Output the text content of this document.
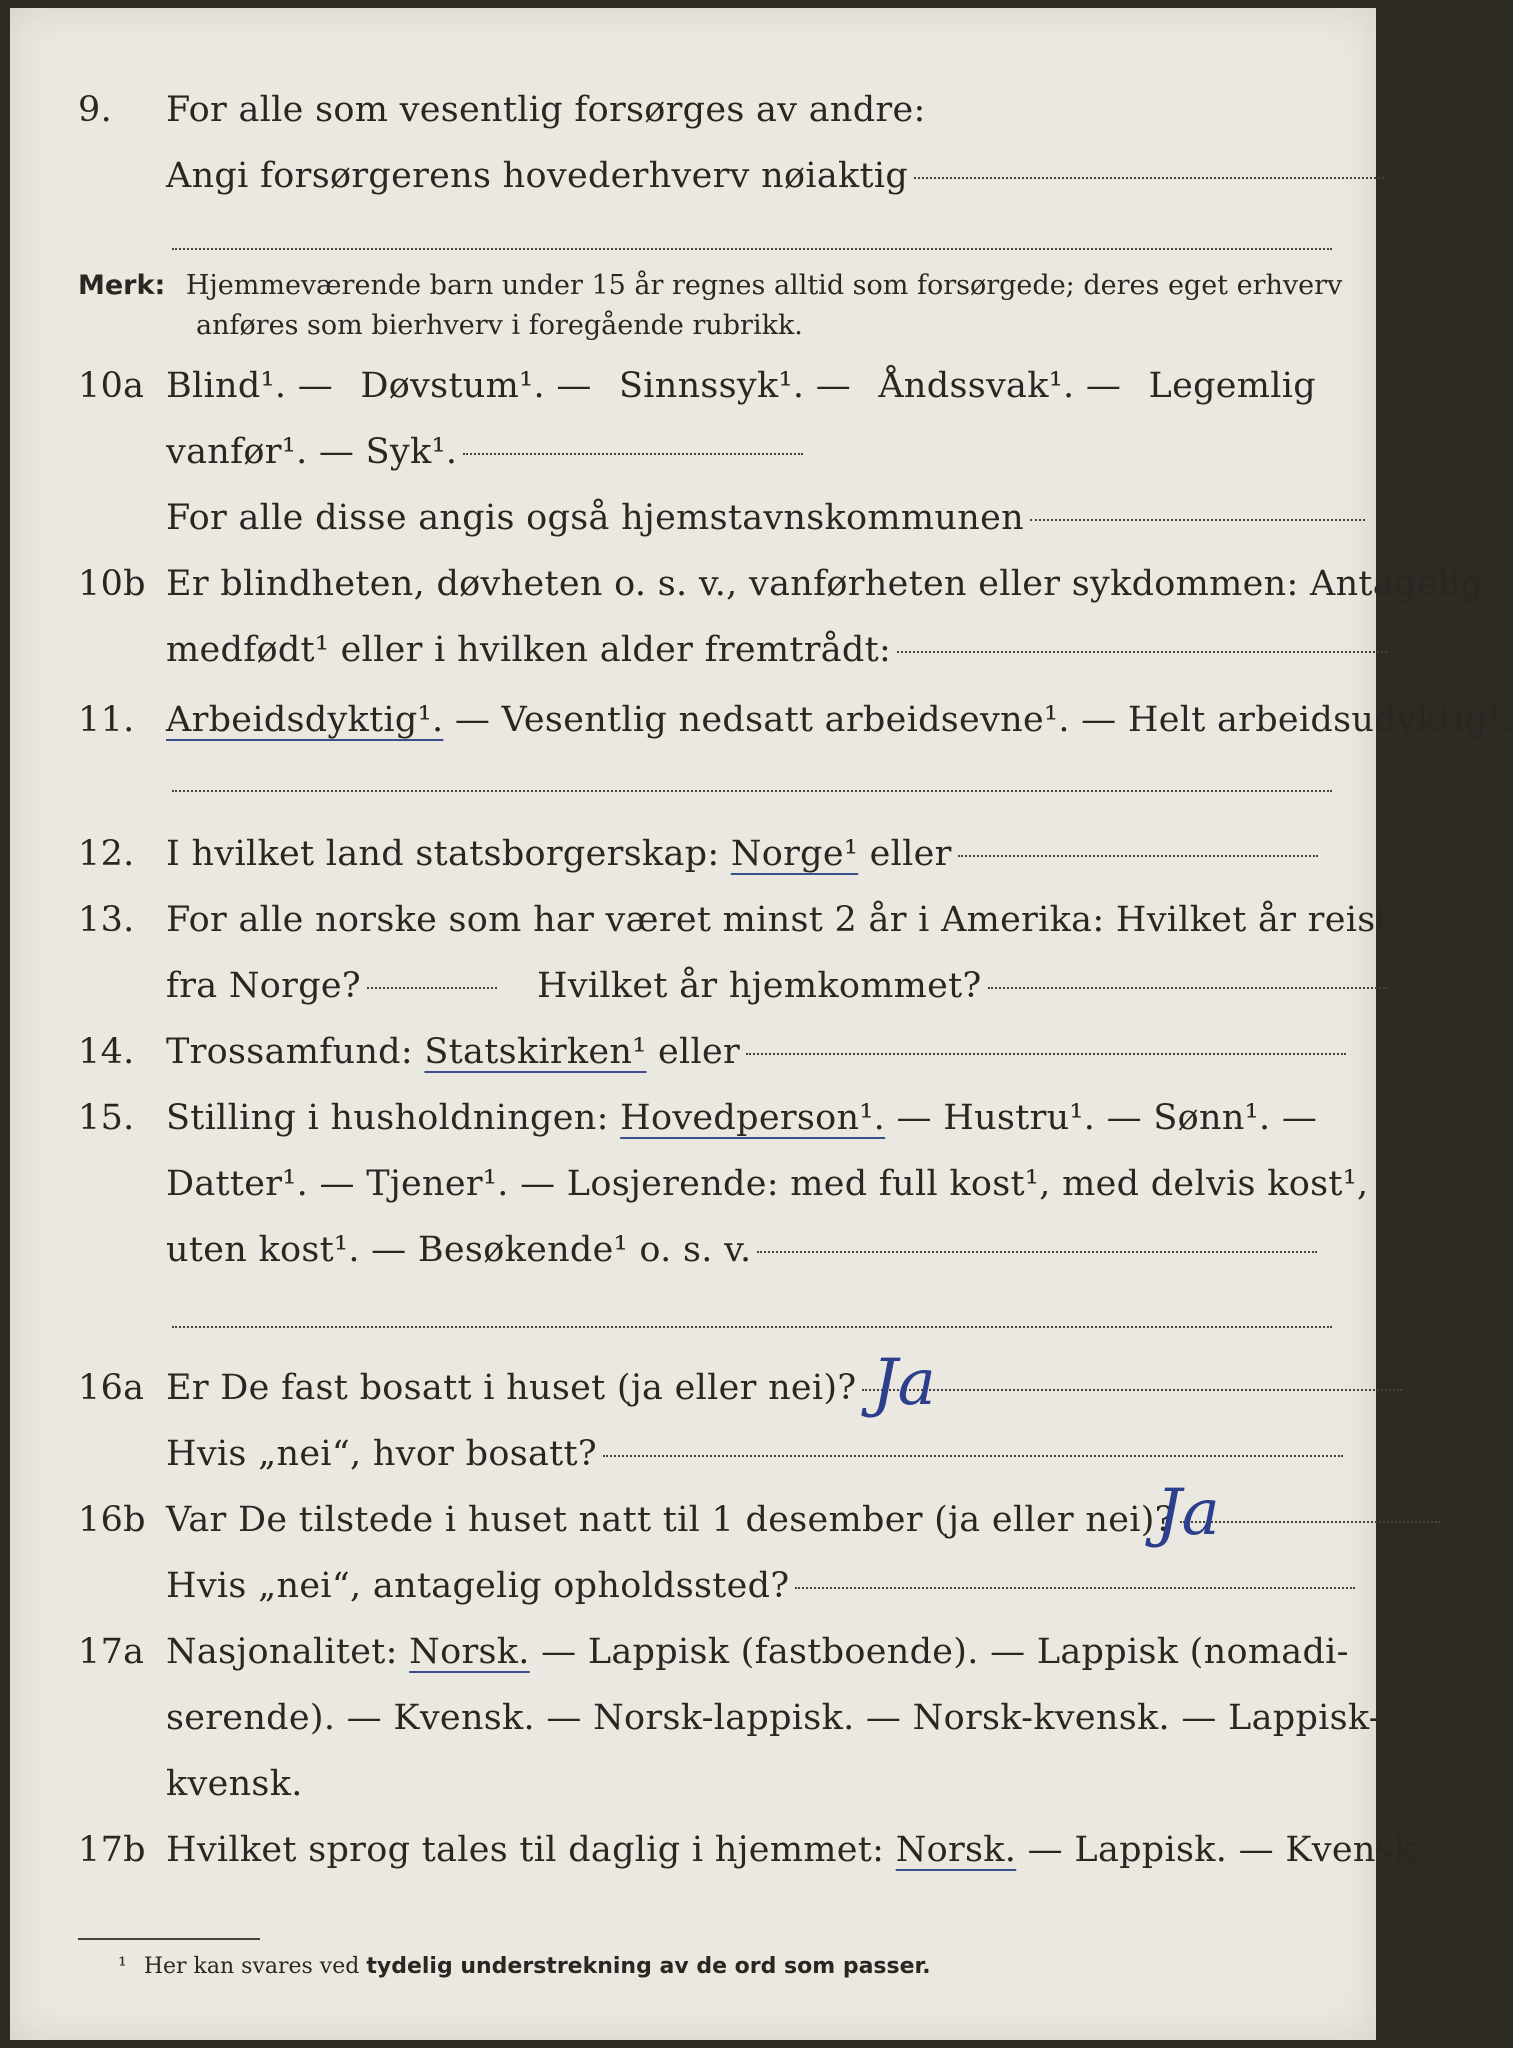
9. For alle som vesentlig forsørges av andre:
Angi forsørgerens hovederhverv nøiaktig
Merk: Hjemmeværende barn under 15 år regnes alltid som forsørgede; deres eget erhverv
anføres som bierhverv i foregående rubrikk.
10a Blind¹. — Døvstum¹. — Sinnssyk¹. — Åndssvak¹. — Legemlig
vanfør¹. — Syk¹.
For alle disse angis også hjemstavnskommunen
10b Er blindheten, døvheten o. s. v., vanførheten eller sykdommen: Antagelig
medfødt¹ eller i hvilken alder fremtrådt:
11. Arbeidsdyktig¹. — Vesentlig nedsatt arbeidsevne¹. — Helt arbeidsudyktig¹.
12. I hvilket land statsborgerskap: Norge¹ eller
13. For alle norske som har været minst 2 år i Amerika: Hvilket år reist
fra Norge?	Hvilket år hjemkommet?
14. Trossamfund: Statskirken¹ eller
15. Stilling i husholdningen: Hovedperson¹. — Hustru¹. — Sønn¹. —
Datter¹. — Tjener¹. — Losjerende: med full kost¹, med delvis kost¹,
uten kost¹. — Besøkende¹ o. s. v.
16a Er De fast bosatt i huset (ja eller nei)? Ja
Hvis „nei“, hvor bosatt?
16b Var De tilstede i huset natt til 1 desember (ja eller nei)?
Ja
Hvis „nei“, antagelig opholdssted?
17a Nasjonalitet: Norsk. — Lappisk (fastboende). — Lappisk (nomadi-
serende). — Kvensk. — Norsk-lappisk. — Norsk-kvensk. — Lappisk-
kvensk.
17b Hvilket sprog tales til daglig i hjemmet: Norsk. — Lappisk. — Kvensk.
¹ Her kan svares ved tydelig understrekning av de ord som passer.
